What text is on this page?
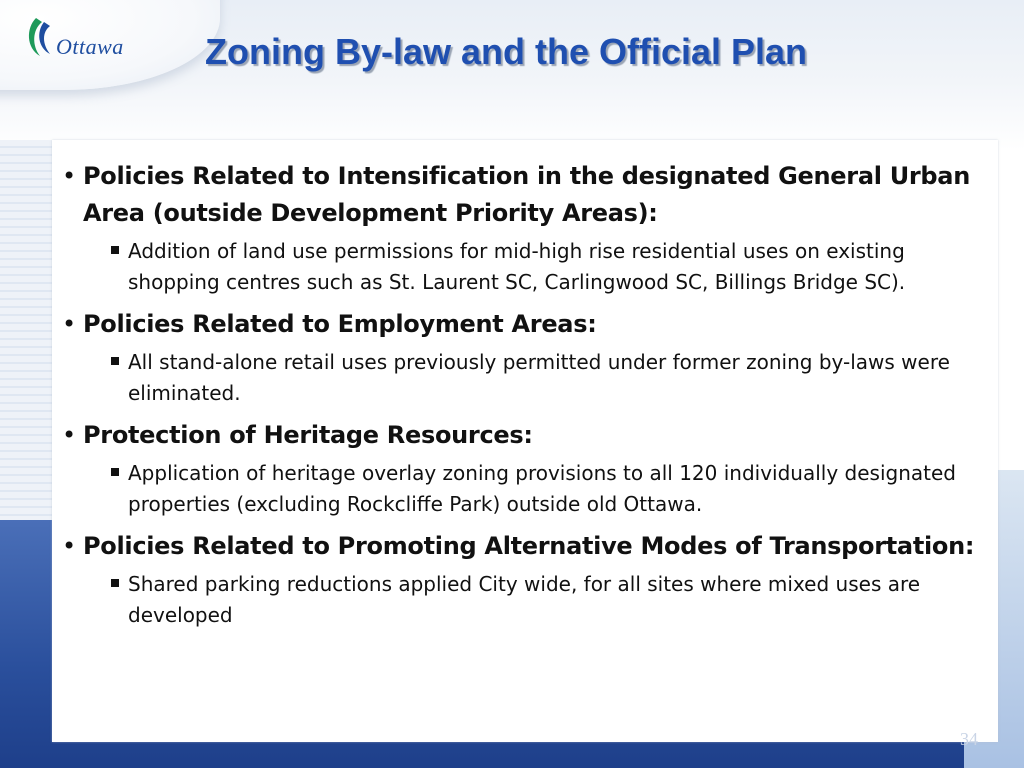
Ottawa Zoning By-law and the Official Plan
• Policies Related to Intensification in the designated General Urban Area (outside Development Priority Areas):
Addition of land use permissions for mid-high rise residential uses on existing shopping centres such as St. Laurent SC, Carlingwood SC, Billings Bridge SC).
• Policies Related to Employment Areas:
All stand-alone retail uses previously permitted under former zoning by-laws were eliminated.
• Protection of Heritage Resources:
Application of heritage overlay zoning provisions to all 120 individually designated properties (excluding Rockcliffe Park) outside old Ottawa.
• Policies Related to Promoting Alternative Modes of Transportation:
Shared parking reductions applied City wide, for all sites where mixed uses are developed
34
